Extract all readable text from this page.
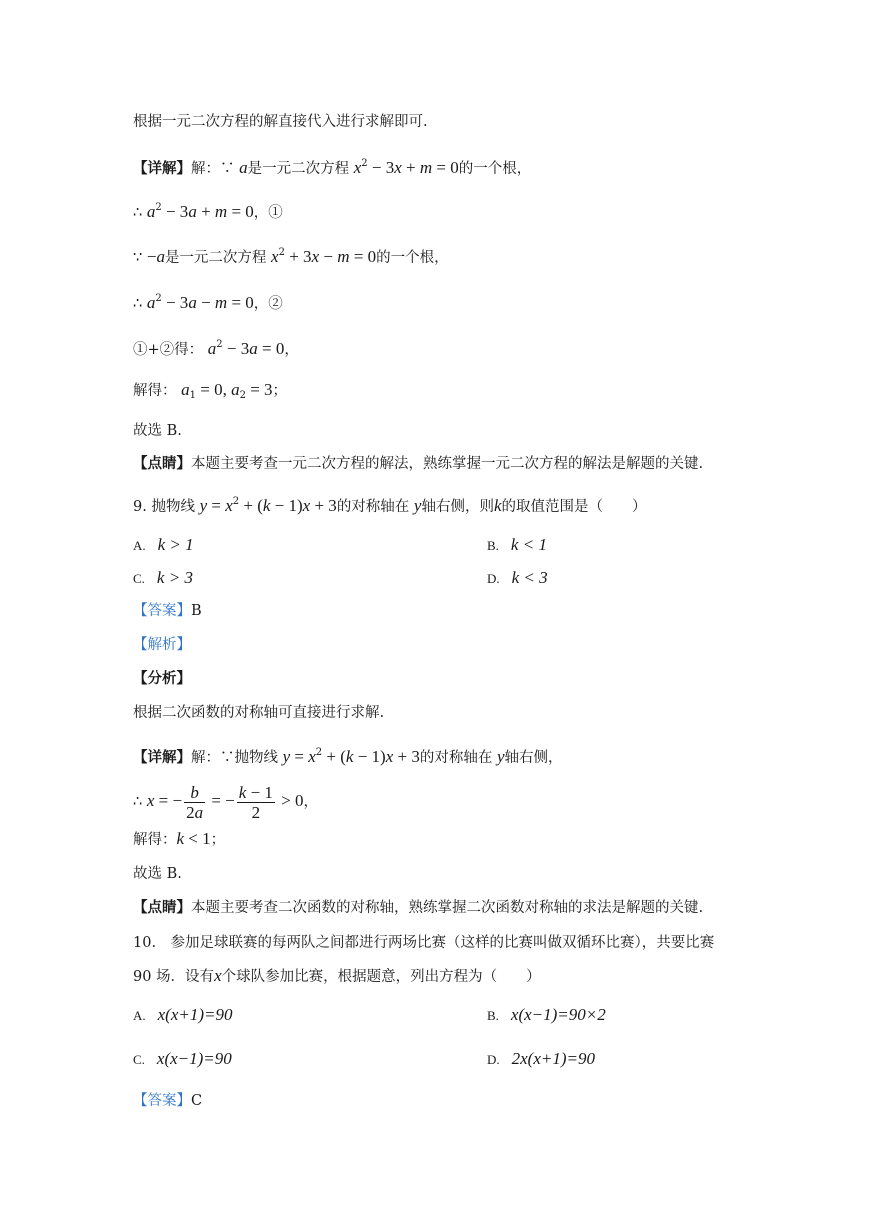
根据一元二次方程的解直接代入进行求解即可.
【详解】解：∵ a是一元二次方程 $x^2 - 3x + m = 0$的一个根，
∴ $a^2 - 3a + m = 0$，①
∵ −a是一元二次方程 $x^2 + 3x - m = 0$的一个根，
∴ $a^2 - 3a - m = 0$，②
①+②得： $a^2 - 3a = 0$，
解得： $a_1 = 0$, $a_2 = 3$；
故选 B.
【点睛】本题主要考查一元二次方程的解法，熟练掌握一元二次方程的解法是解题的关键.
9. 抛物线 $y = x^2 + (k - 1)x + 3$的对称轴在 y轴右侧，则k的取值范围是（　　）
A. k > 1	B. k < 1
C. k > 3	D. k < 3
【答案】B
【解析】
【分析】
根据二次函数的对称轴可直接进行求解.
【详解】解：∵抛物线 $y = x^2 + (k - 1)x + 3$的对称轴在 y轴右侧，
∴ x = − $\frac{b}{2a}$ = − $\frac{k - 1}{2} > 0$，
解得：k < 1；
故选 B.
【点睛】本题主要考查二次函数的对称轴，熟练掌握二次函数对称轴的求法是解题的关键.
10.　参加足球联赛的每两队之间都进行两场比赛（这样的比赛叫做双循环比赛），共要比赛
90 场．设有x个球队参加比赛，根据题意，列出方程为（　　）
A. x(x+1)=90	B. x(x−1)=90×2
C. x(x−1)=90	D. 2x(x+1)=90
【答案】C
